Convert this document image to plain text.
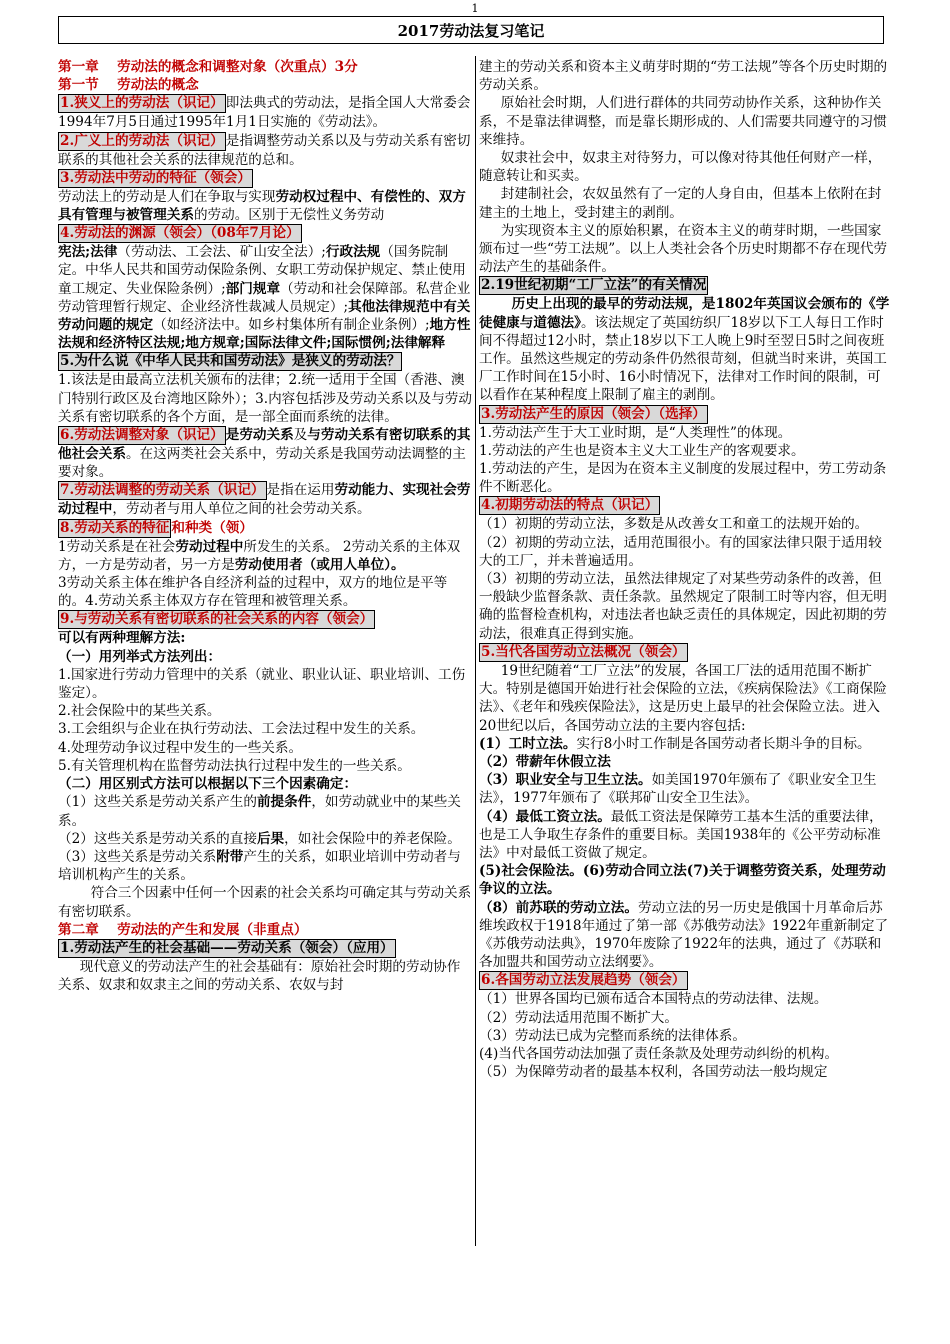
1
2017劳动法复习笔记

第一章　 劳动法的概念和调整对象（次重点）3分

第一节　 劳动法的概念

1.狭义上的劳动法（识记） 即法典式的劳动法，是指全国人大常委会1994年7月5日通过1995年1月1日实施的《劳动法》。

2.广义上的劳动法（识记） 是指调整劳动关系以及与劳动关系有密切联系的其他社会关系的法律规范的总和。

3.劳动法中劳动的特征（领会）

劳动法上的劳动是人们在争取与实现劳动权过程中、有偿性的、双方具有管理与被管理关系的劳动。区别于无偿性义务劳动

4.劳动法的渊源（领会）（08年7月论）

宪法;法律（劳动法、工会法、矿山安全法）;行政法规（国务院制定。中华人民共和国劳动保险条例、女职工劳动保护规定、禁止使用童工规定、失业保险条例）;部门规章（劳动和社会保障部。私营企业劳动管理暂行规定、企业经济性裁减人员规定）;其他法律规范中有关劳动问题的规定（如经济法中。如乡村集体所有制企业条例）;地方性法规和经济特区法规;地方规章;国际法律文件;国际惯例;法律解释

5.为什么说《中华人民共和国劳动法》是狭义的劳动法？

1.该法是由最高立法机关颁布的法律；2.统一适用于全国（香港、澳门特别行政区及台湾地区除外）；3.内容包括涉及劳动关系以及与劳动关系有密切联系的各个方面，是一部全面而系统的法律。

6.劳动法调整对象（识记） 是劳动关系及与劳动关系有密切联系的其他社会关系。在这两类社会关系中，劳动关系是我国劳动法调整的主要对象。

7.劳动法调整的劳动关系（识记） 是指在运用劳动能力、实现社会劳动过程中，劳动者与用人单位之间的社会劳动关系。

8.劳动关系的特征 和种类（领）

1劳动关系是在社会劳动过程中所发生的关系。 2劳动关系的主体双方，一方是劳动者，另一方是劳动使用者（或用人单位）。

3劳动关系主体在维护各自经济利益的过程中，双方的地位是平等的。4.劳动关系主体双方存在管理和被管理关系。

9.与劳动关系有密切联系的社会关系的内容（领会）

可以有两种理解方法:

（一）用列举式方法列出：

1.国家进行劳动力管理中的关系（就业、职业认证、职业培训、工伤鉴定）。

2.社会保险中的某些关系。

3.工会组织与企业在执行劳动法、工会法过程中发生的关系。

4.处理劳动争议过程中发生的一些关系。

5.有关管理机构在监督劳动法执行过程中发生的一些关系。

（二）用区别式方法可以根据以下三个因素确定：

（1）这些关系是劳动关系产生的前提条件，如劳动就业中的某些关系。

（2）这些关系是劳动关系的直接后果，如社会保险中的养老保险。

（3）这些关系是劳动关系附带产生的关系，如职业培训中劳动者与培训机构产生的关系。

符合三个因素中任何一个因素的社会关系均可确定其与劳动关系有密切联系。

第二章　 劳动法的产生和发展（非重点）

1.劳动法产生的社会基础——劳动关系（领会）（应用）

现代意义的劳动法产生的社会基础有：原始社会时期的劳动协作关系、奴隶和奴隶主之间的劳动关系、农奴与封

建主的劳动关系和资本主义萌芽时期的“劳工法规”等各个历史时期的劳动关系。

原始社会时期，人们进行群体的共同劳动协作关系，这种协作关系，不是靠法律调整，而是靠长期形成的、人们需要共同遵守的习惯来维持。

奴隶社会中，奴隶主对待努力，可以像对待其他任何财产一样，随意转让和买卖。

封建制社会，农奴虽然有了一定的人身自由，但基本上依附在封建主的土地上，受封建主的剥削。

为实现资本主义的原始积累，在资本主义的萌芽时期，一些国家颁布过一些“劳工法规”。以上人类社会各个历史时期都不存在现代劳动法产生的基础条件。

2.19世纪初期“工厂立法”的有关情况

历史上出现的最早的劳动法规，是1802年英国议会颁布的《学徒健康与道德法》。该法规定了英国纺织厂18岁以下工人每日工作时间不得超过12小时，禁止18岁以下工人晚上9时至翌日5时之间夜班工作。虽然这些规定的劳动条件仍然很苛刻，但就当时来讲，英国工厂工作时间在15小时、16小时情况下，法律对工作时间的限制，可以看作在某种程度上限制了雇主的剥削。

3.劳动法产生的原因（领会）（选择）

1.劳动法产生于大工业时期，是“人类理性”的体现。

1.劳动法的产生也是资本主义大工业生产的客观要求。

1.劳动法的产生，是因为在资本主义制度的发展过程中，劳工劳动条件不断恶化。

4.初期劳动法的特点（识记）

（1）初期的劳动立法，多数是从改善女工和童工的法规开始的。

（2）初期的劳动立法，适用范围很小。有的国家法律只限于适用较大的工厂，并未普遍适用。

（3）初期的劳动立法，虽然法律规定了对某些劳动条件的改善，但一般缺少监督条款、责任条款。虽然规定了限制工时等内容，但无明确的监督检查机构，对违法者也缺乏责任的具体规定，因此初期的劳动法，很难真正得到实施。

5.当代各国劳动立法概况（领会）

19世纪随着“工厂立法”的发展，各国工厂法的适用范围不断扩大。特别是德国开始进行社会保险的立法，《疾病保险法》《工商保险法》、《老年和残疾保险法》，这是历史上最早的社会保险立法。进入20世纪以后，各国劳动立法的主要内容包括:

(1）工时立法。实行8小时工作制是各国劳动者长期斗争的目标。

（2）带薪年休假立法

（3）职业安全与卫生立法。如美国1970年颁布了《职业安全卫生法》，1977年颁布了《联邦矿山安全卫生法》。

（4）最低工资立法。最低工资法是保障劳工基本生活的重要法律，也是工人争取生存条件的重要目标。美国1938年的《公平劳动标准法》中对最低工资做了规定。

(5)社会保险法。(6)劳动合同立法(7)关于调整劳资关系，处理劳动争议的立法。

（8）前苏联的劳动立法。劳动立法的另一历史是俄国十月革命后苏维埃政权于1918年通过了第一部《苏俄劳动法》1922年重新制定了《苏俄劳动法典》，1970年废除了1922年的法典，通过了《苏联和各加盟共和国劳动立法纲要》。

6.各国劳动立法发展趋势（领会）

（1）世界各国均已颁布适合本国特点的劳动法律、法规。

（2）劳动法适用范围不断扩大。

（3）劳动法已成为完整而系统的法律体系。

(4)当代各国劳动法加强了责任条款及处理劳动纠纷的机构。

（5）为保障劳动者的最基本权利，各国劳动法一般均规定
